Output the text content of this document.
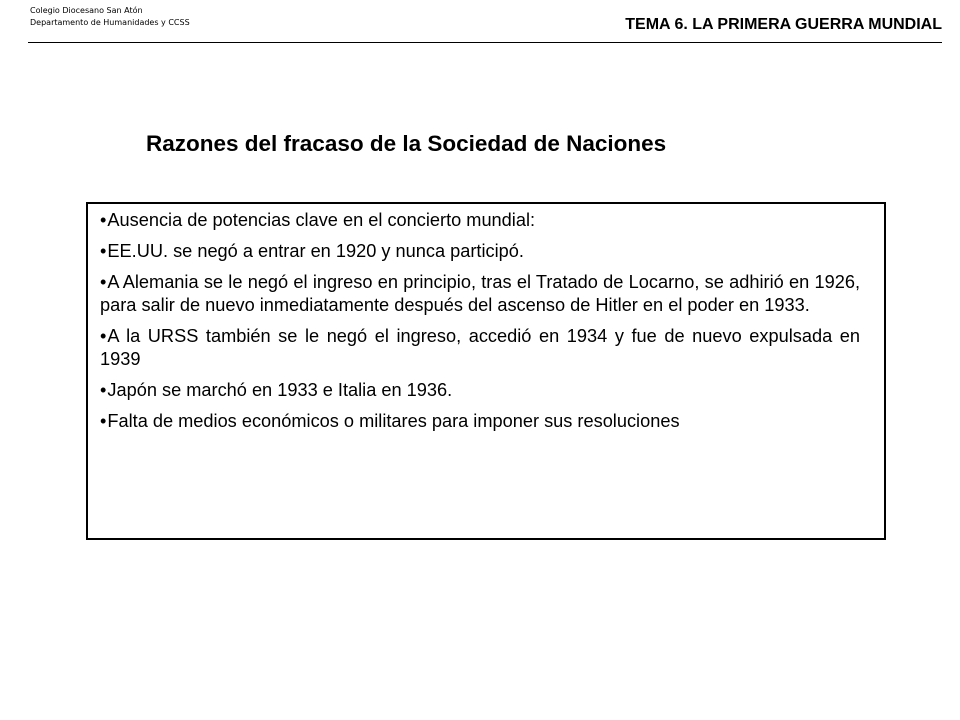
Colegio Diocesano San Atón
Departamento de Humanidades y CCSS	TEMA 6. LA PRIMERA GUERRA MUNDIAL
Razones del fracaso de la Sociedad de Naciones
•Ausencia de potencias clave en el concierto mundial:
•EE.UU. se negó a entrar en 1920 y nunca participó.
•A Alemania se le negó el ingreso en principio, tras el Tratado de Locarno, se adhirió en 1926, para salir de nuevo inmediatamente después del ascenso de Hitler en el poder en 1933.
•A la URSS también se le negó el ingreso, accedió en 1934 y fue de nuevo expulsada en 1939
•Japón se marchó en 1933 e Italia en 1936.
•Falta de medios económicos o militares para imponer sus resoluciones
